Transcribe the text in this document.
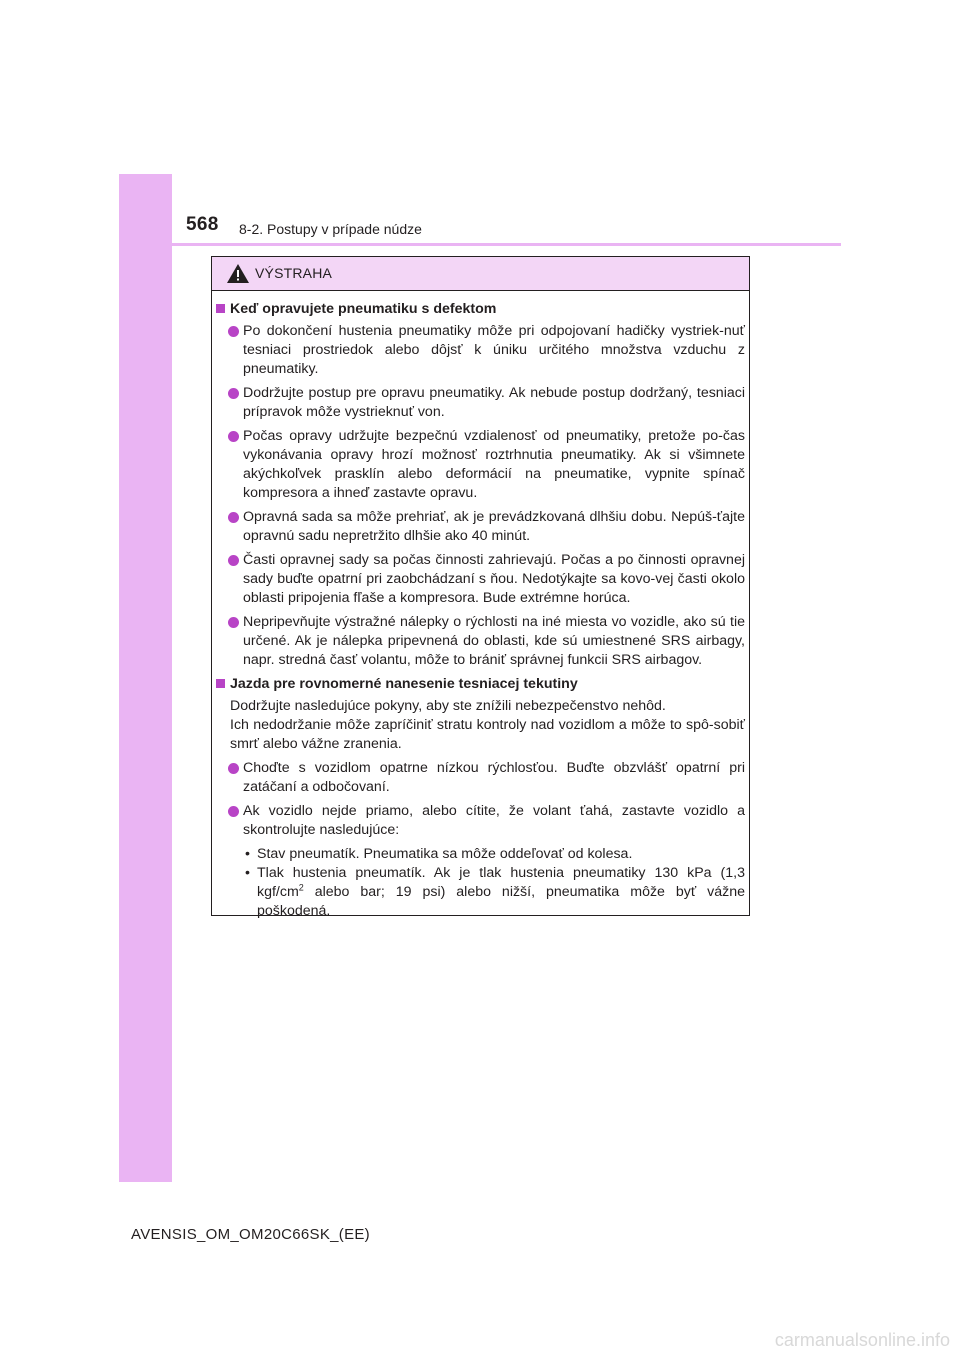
568 8-2. Postupy v prípade núdze
VÝSTRAHA
Keď opravujete pneumatiku s defektom
Po dokončení hustenia pneumatiky môže pri odpojovaní hadičky vystriek-nuť tesniaci prostriedok alebo dôjsť k úniku určitého množstva vzduchu z pneumatiky.
Dodržujte postup pre opravu pneumatiky. Ak nebude postup dodržaný, tesniaci prípravok môže vystrieknuť von.
Počas opravy udržujte bezpečnú vzdialenosť od pneumatiky, pretože po-čas vykonávania opravy hrozí možnosť roztrhnutia pneumatiky. Ak si všimnete akýchkoľvek prasklín alebo deformácií na pneumatike, vypnite spínač kompresora a ihneď zastavte opravu.
Opravná sada sa môže prehriať, ak je prevádzkovaná dlhšiu dobu. Nepúš-ťajte opravnú sadu nepretržito dlhšie ako 40 minút.
Časti opravnej sady sa počas činnosti zahrievajú. Počas a po činnosti opravnej sady buďte opatrní pri zaobchádzaní s ňou. Nedotýkajte sa kovo-vej časti okolo oblasti pripojenia fľaše a kompresora. Bude extrémne horúca.
Nepripevňujte výstražné nálepky o rýchlosti na iné miesta vo vozidle, ako sú tie určené. Ak je nálepka pripevnená do oblasti, kde sú umiestnené SRS airbagy, napr. stredná časť volantu, môže to brániť správnej funkcii SRS airbagov.
Jazda pre rovnomerné nanesenie tesniacej tekutiny
Dodržujte nasledujúce pokyny, aby ste znížili nebezpečenstvo nehôd.
Ich nedodržanie môže zapríčiniť stratu kontroly nad vozidlom a môže to spô-sobiť smrť alebo vážne zranenia.
Choďte s vozidlom opatrne nízkou rýchlosťou. Buďte obzvlášť opatrní pri zatáčaní a odbočovaní.
Ak vozidlo nejde priamo, alebo cítite, že volant ťahá, zastavte vozidlo a skontrolujte nasledujúce:
• Stav pneumatík. Pneumatika sa môže oddeľovať od kolesa.
• Tlak hustenia pneumatík. Ak je tlak hustenia pneumatiky 130 kPa (1,3 kgf/$cm^2$ alebo bar; 19 psi) alebo nižší, pneumatika môže byť vážne poškodená.
AVENSIS_OM_OM20C66SK_(EE)
carmanualsonline.info
